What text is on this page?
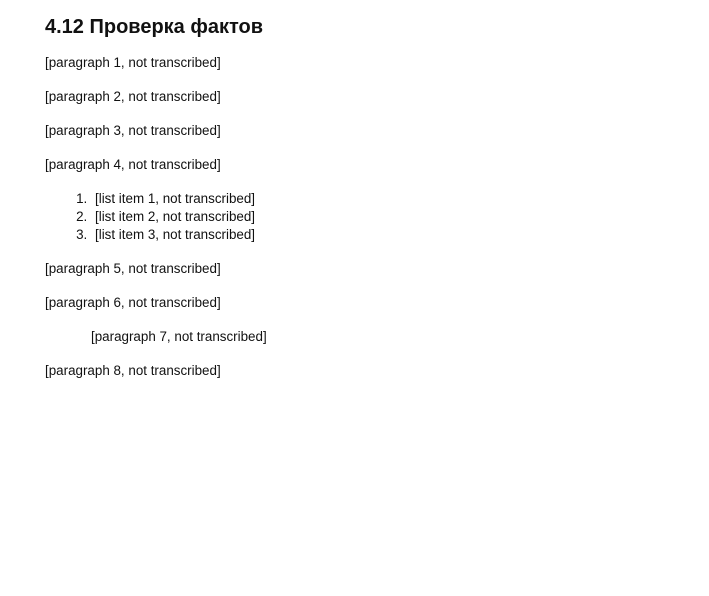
4.12 Проверка фактов

[paragraph 1, not transcribed]

[paragraph 2, not transcribed]

[paragraph 3, not transcribed]

[paragraph 4, not transcribed]

1. [list item 1, not transcribed]
2. [list item 2, not transcribed]
3. [list item 3, not transcribed]

[paragraph 5, not transcribed]

[paragraph 6, not transcribed]

[paragraph 7, not transcribed]

[paragraph 8, not transcribed]
